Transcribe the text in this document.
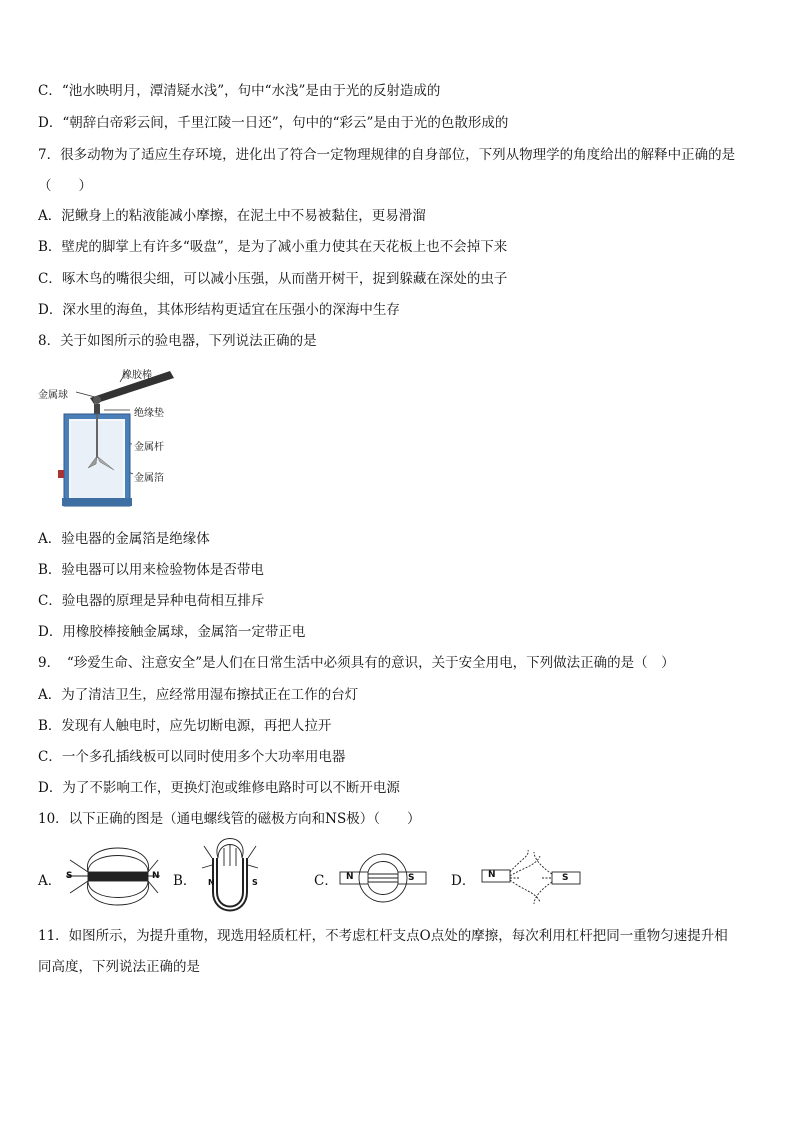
C．“池水映明月，潭清疑水浅”，句中“水浅”是由于光的反射造成的
D．“朝辞白帝彩云间，千里江陵一日还”，句中的“彩云”是由于光的色散形成的
7．很多动物为了适应生存环境，进化出了符合一定物理规律的自身部位，下列从物理学的角度给出的解释中正确的是
（　　）
A．泥鳅身上的粘液能减小摩擦，在泥土中不易被黏住，更易滑溜
B．壁虎的脚掌上有许多“吸盘”，是为了减小重力使其在天花板上也不会掉下来
C．啄木鸟的嘴很尖细，可以减小压强，从而凿开树干，捉到躲藏在深处的虫子
D．深水里的海鱼，其体形结构更适宜在压强小的深海中生存
8．关于如图所示的验电器，下列说法正确的是
橡胶棒
金属球
绝缘垫
金属杆
金属箔
A．验电器的金属箔是绝缘体
B．验电器可以用来检验物体是否带电
C．验电器的原理是异种电荷相互排斥
D．用橡胶棒接触金属球，金属箔一定带正电
9．　“珍爱生命、注意安全”是人们在日常生活中必须具有的意识，关于安全用电，下列做法正确的是（　）
A．为了清洁卫生，应经常用湿布擦拭正在工作的台灯
B．发现有人触电时，应先切断电源，再把人拉开
C．一个多孔插线板可以同时使用多个大功率用电器
D．为了不影响工作，更换灯泡或维修电路时可以不断开电源
10．以下正确的图是（通电螺线管的磁极方向和NS极）（　　）
A．	B．	C．	D．
S	N
N	S
N	S	N	S
11．如图所示，为提升重物，现选用轻质杠杆，不考虑杠杆支点O点处的摩擦，每次利用杠杆把同一重物匀速提升相
同高度，下列说法正确的是
